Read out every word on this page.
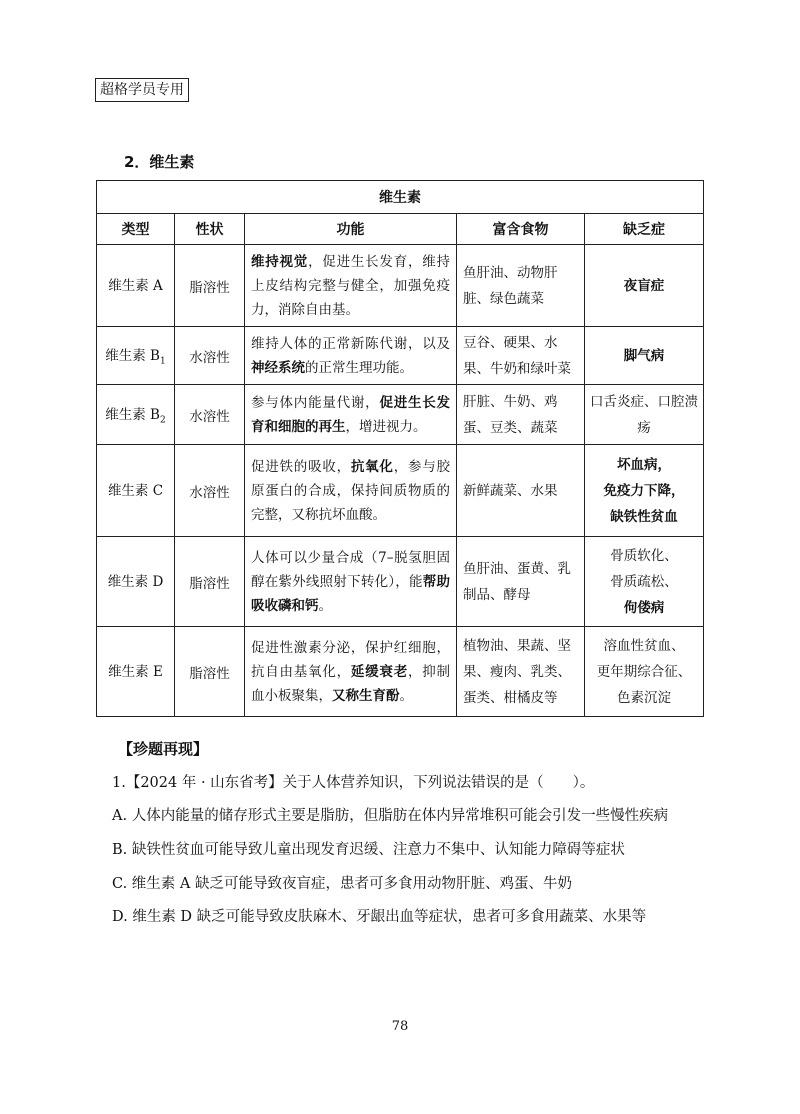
超格学员专用
2．维生素
维生素				
类型	性状	功能	富含食物	缺乏症
维生素 A	脂溶性	维持视觉，促进生长发育，维持上皮结构完整与健全，加强免疫力，消除自由基。	鱼肝油、动物肝脏、绿色蔬菜	夜盲症

维生素 $B_1$	水溶性	维持人体的正常新陈代谢，以及神经系统的正常生理功能。	豆谷、硬果、水果、牛奶和绿叶菜	脚气病

维生素 $B_2$	水溶性	参与体内能量代谢，促进生长发育和细胞的再生，增进视力。	肝脏、牛奶、鸡蛋、豆类、蔬菜	口舌炎症、口腔溃疡

维生素 C	水溶性	促进铁的吸收，抗氧化，参与胶原蛋白的合成，保持间质物质的完整，又称抗坏血酸。	新鲜蔬菜、水果	坏血病，
免疫力下降，
缺铁性贫血

维生素 D	脂溶性	人体可以少量合成（7–脱氢胆固醇在紫外线照射下转化），能帮助吸收磷和钙。	鱼肝油、蛋黄、乳制品、酵母	骨质软化、
骨质疏松、
佝偻病

维生素 E	脂溶性	促进性激素分泌，保护红细胞，抗自由基氧化，延缓衰老，抑制血小板聚集，又称生育酚。	植物油、果蔬、坚果、瘦肉、乳类、蛋类、柑橘皮等	溶血性贫血、
更年期综合征、
色素沉淀
【珍题再现】
1.【2024 年 · 山东省考】关于人体营养知识，下列说法错误的是（　　）。
A. 人体内能量的储存形式主要是脂肪，但脂肪在体内异常堆积可能会引发一些慢性疾病
B. 缺铁性贫血可能导致儿童出现发育迟缓、注意力不集中、认知能力障碍等症状
C. 维生素 A 缺乏可能导致夜盲症，患者可多食用动物肝脏、鸡蛋、牛奶
D. 维生素 D 缺乏可能导致皮肤麻木、牙龈出血等症状，患者可多食用蔬菜、水果等
78
